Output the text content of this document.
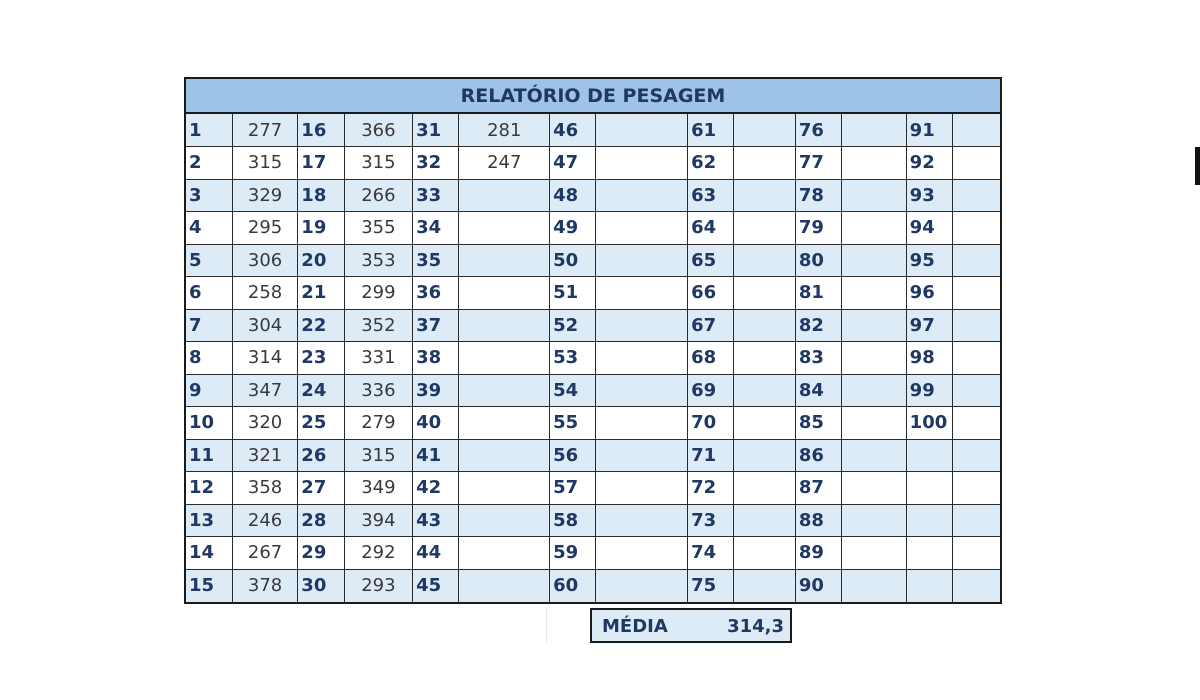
RELATÓRIO DE PESAGEM
1	277	16	366	31	281	46		61		76		91	
2	315	17	315	32	247	47		62		77		92	
3	329	18	266	33		48		63		78		93	
4	295	19	355	34		49		64		79		94	
5	306	20	353	35		50		65		80		95	
6	258	21	299	36		51		66		81		96	
7	304	22	352	37		52		67		82		97	
8	314	23	331	38		53		68		83		98	
9	347	24	336	39		54		69		84		99	
10	320	25	279	40		55		70		85		100	
11	321	26	315	41		56		71		86			
12	358	27	349	42		57		72		87			
13	246	28	394	43		58		73		88			
14	267	29	292	44		59		74		89			
15	378	30	293	45		60		75		90			
MÉDIA	314,3
